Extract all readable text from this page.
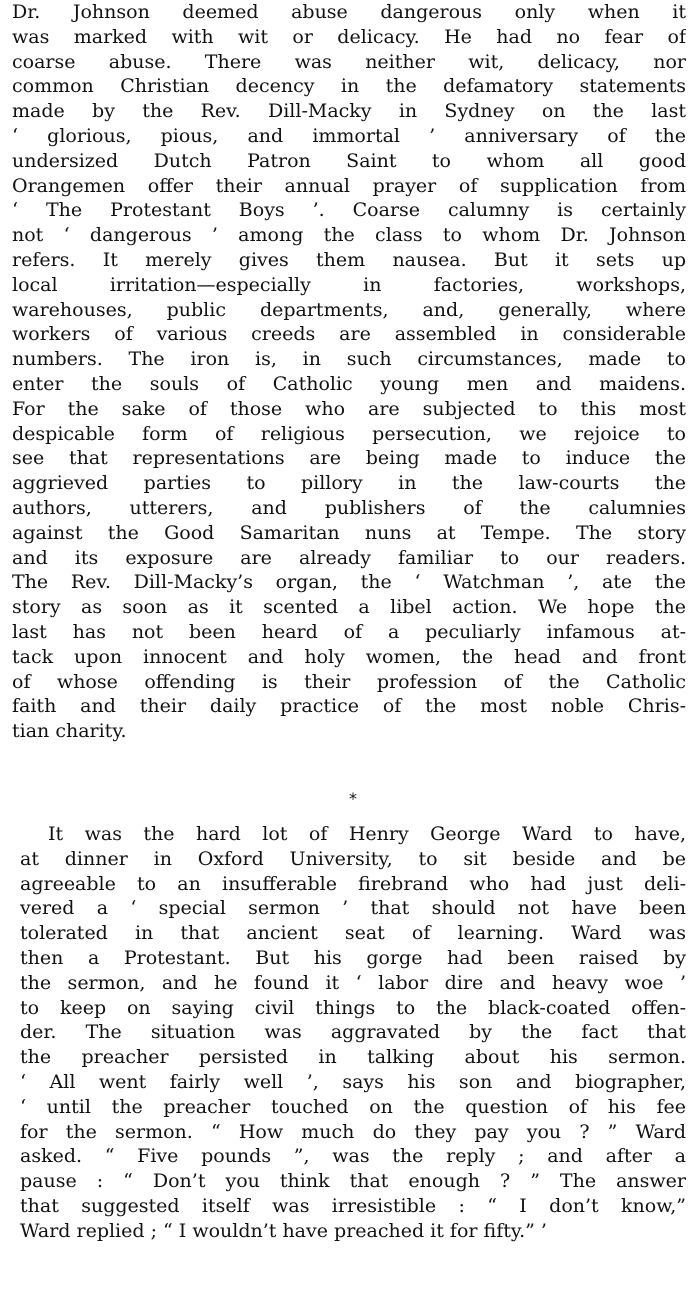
Dr. Johnson deemed abuse dangerous only when it
was marked with wit or delicacy. He had no fear of
coarse abuse. There was neither wit, delicacy, nor
common Christian decency in the defamatory statements
made by the Rev. Dill-Macky in Sydney on the last
‘ glorious, pious, and immortal ’ anniversary of the
undersized Dutch Patron Saint to whom all good
Orangemen offer their annual prayer of supplication from
‘ The Protestant Boys ’. Coarse calumny is certainly
not ‘ dangerous ’ among the class to whom Dr. Johnson
refers. It merely gives them nausea. But it sets up
local irritation—especially in factories, workshops,
warehouses, public departments, and, generally, where
workers of various creeds are assembled in considerable
numbers. The iron is, in such circumstances, made to
enter the souls of Catholic young men and maidens.
For the sake of those who are subjected to this most
despicable form of religious persecution, we rejoice to
see that representations are being made to induce the
aggrieved parties to pillory in the law-courts the
authors, utterers, and publishers of the calumnies
against the Good Samaritan nuns at Tempe. The story
and its exposure are already familiar to our readers.
The Rev. Dill-Macky’s organ, the ‘ Watchman ’, ate the
story as soon as it scented a libel action. We hope the
last has not been heard of a peculiarly infamous at-
tack upon innocent and holy women, the head and front
of whose offending is their profession of the Catholic
faith and their daily practice of the most noble Chris-
tian charity.
*
It was the hard lot of Henry George Ward to have,
at dinner in Oxford University, to sit beside and be
agreeable to an insufferable firebrand who had just deli-
vered a ‘ special sermon ’ that should not have been
tolerated in that ancient seat of learning. Ward was
then a Protestant. But his gorge had been raised by
the sermon, and he found it ‘ labor dire and heavy woe ’
to keep on saying civil things to the black-coated offen-
der. The situation was aggravated by the fact that
the preacher persisted in talking about his sermon.
‘ All went fairly well ’, says his son and biographer,
‘ until the preacher touched on the question of his fee
for the sermon. “ How much do they pay you ? ” Ward
asked. “ Five pounds ”, was the reply ; and after a
pause : “ Don’t you think that enough ? ” The answer
that suggested itself was irresistible : “ I don’t know,”
Ward replied ; “ I wouldn’t have preached it for fifty.” ’
